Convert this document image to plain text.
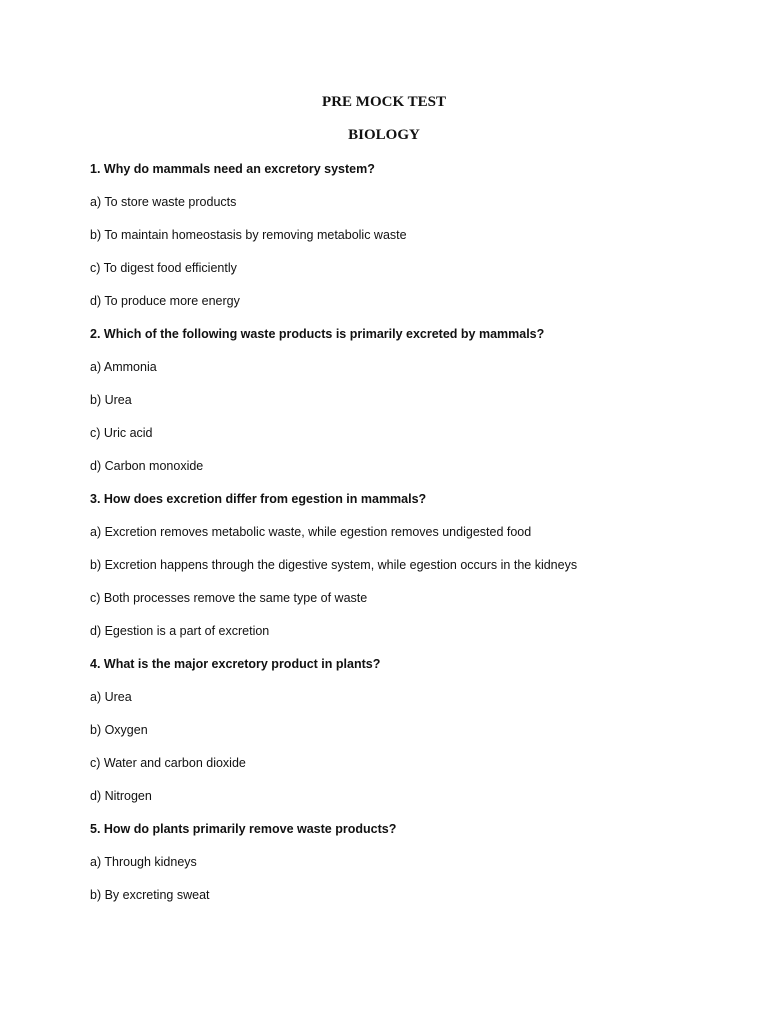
PRE MOCK TEST
BIOLOGY

1. Why do mammals need an excretory system?

a) To store waste products

b) To maintain homeostasis by removing metabolic waste

c) To digest food efficiently

d) To produce more energy

2. Which of the following waste products is primarily excreted by mammals?

a) Ammonia

b) Urea

c) Uric acid

d) Carbon monoxide

3. How does excretion differ from egestion in mammals?

a) Excretion removes metabolic waste, while egestion removes undigested food

b) Excretion happens through the digestive system, while egestion occurs in the kidneys

c) Both processes remove the same type of waste

d) Egestion is a part of excretion

4. What is the major excretory product in plants?

a) Urea

b) Oxygen

c) Water and carbon dioxide

d) Nitrogen

5. How do plants primarily remove waste products?

a) Through kidneys

b) By excreting sweat
